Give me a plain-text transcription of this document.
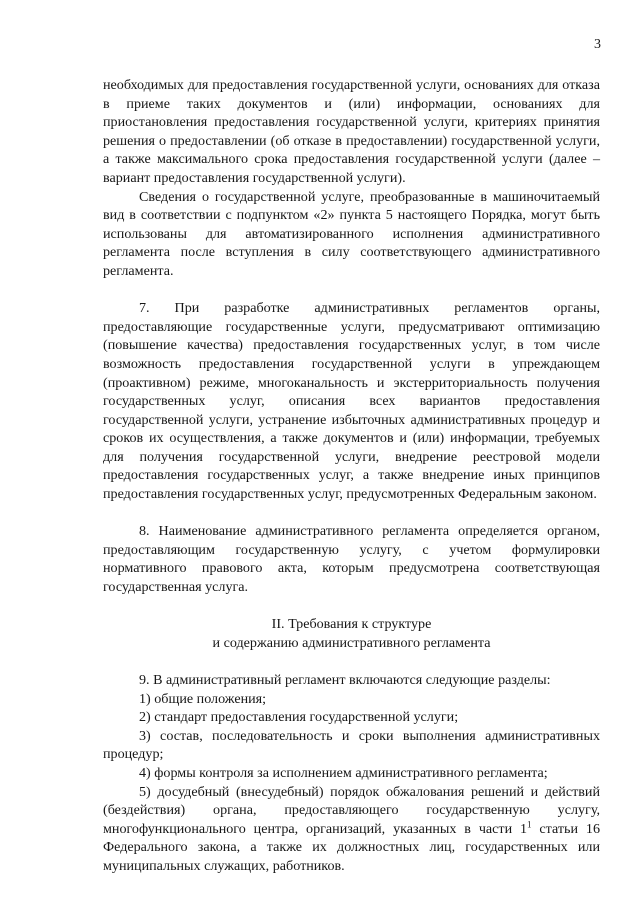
3

необходимых для предоставления государственной услуги, основаниях для отказа в приеме таких документов и (или) информации, основаниях для приостановления предоставления государственной услуги, критериях принятия решения о предоставлении (об отказе в предоставлении) государственной услуги, а также максимального срока предоставления государственной услуги (далее – вариант предоставления государственной услуги).

Сведения о государственной услуге, преобразованные в машиночитаемый вид в соответствии с подпунктом «2» пункта 5 настоящего Порядка, могут быть использованы для автоматизированного исполнения административного регламента после вступления в силу соответствующего административного регламента.

7. При разработке административных регламентов органы, предоставляющие государственные услуги, предусматривают оптимизацию (повышение качества) предоставления государственных услуг, в том числе возможность предоставления государственной услуги в упреждающем (проактивном) режиме, многоканальность и экстерриториальность получения государственных услуг, описания всех вариантов предоставления государственной услуги, устранение избыточных административных процедур и сроков их осуществления, а также документов и (или) информации, требуемых для получения государственной услуги, внедрение реестровой модели предоставления государственных услуг, а также внедрение иных принципов предоставления государственных услуг, предусмотренных Федеральным законом.

8. Наименование административного регламента определяется органом, предоставляющим государственную услугу, с учетом формулировки нормативного правового акта, которым предусмотрена соответствующая государственная услуга.

II. Требования к структуре
и содержанию административного регламента

9. В административный регламент включаются следующие разделы:

1) общие положения;

2) стандарт предоставления государственной услуги;

3) состав, последовательность и сроки выполнения административных процедур;

4) формы контроля за исполнением административного регламента;

5) досудебный (внесудебный) порядок обжалования решений и действий (бездействия) органа, предоставляющего государственную услугу, многофункционального центра, организаций, указанных в части $1^1$ статьи 16 Федерального закона, а также их должностных лиц, государственных или муниципальных служащих, работников.
